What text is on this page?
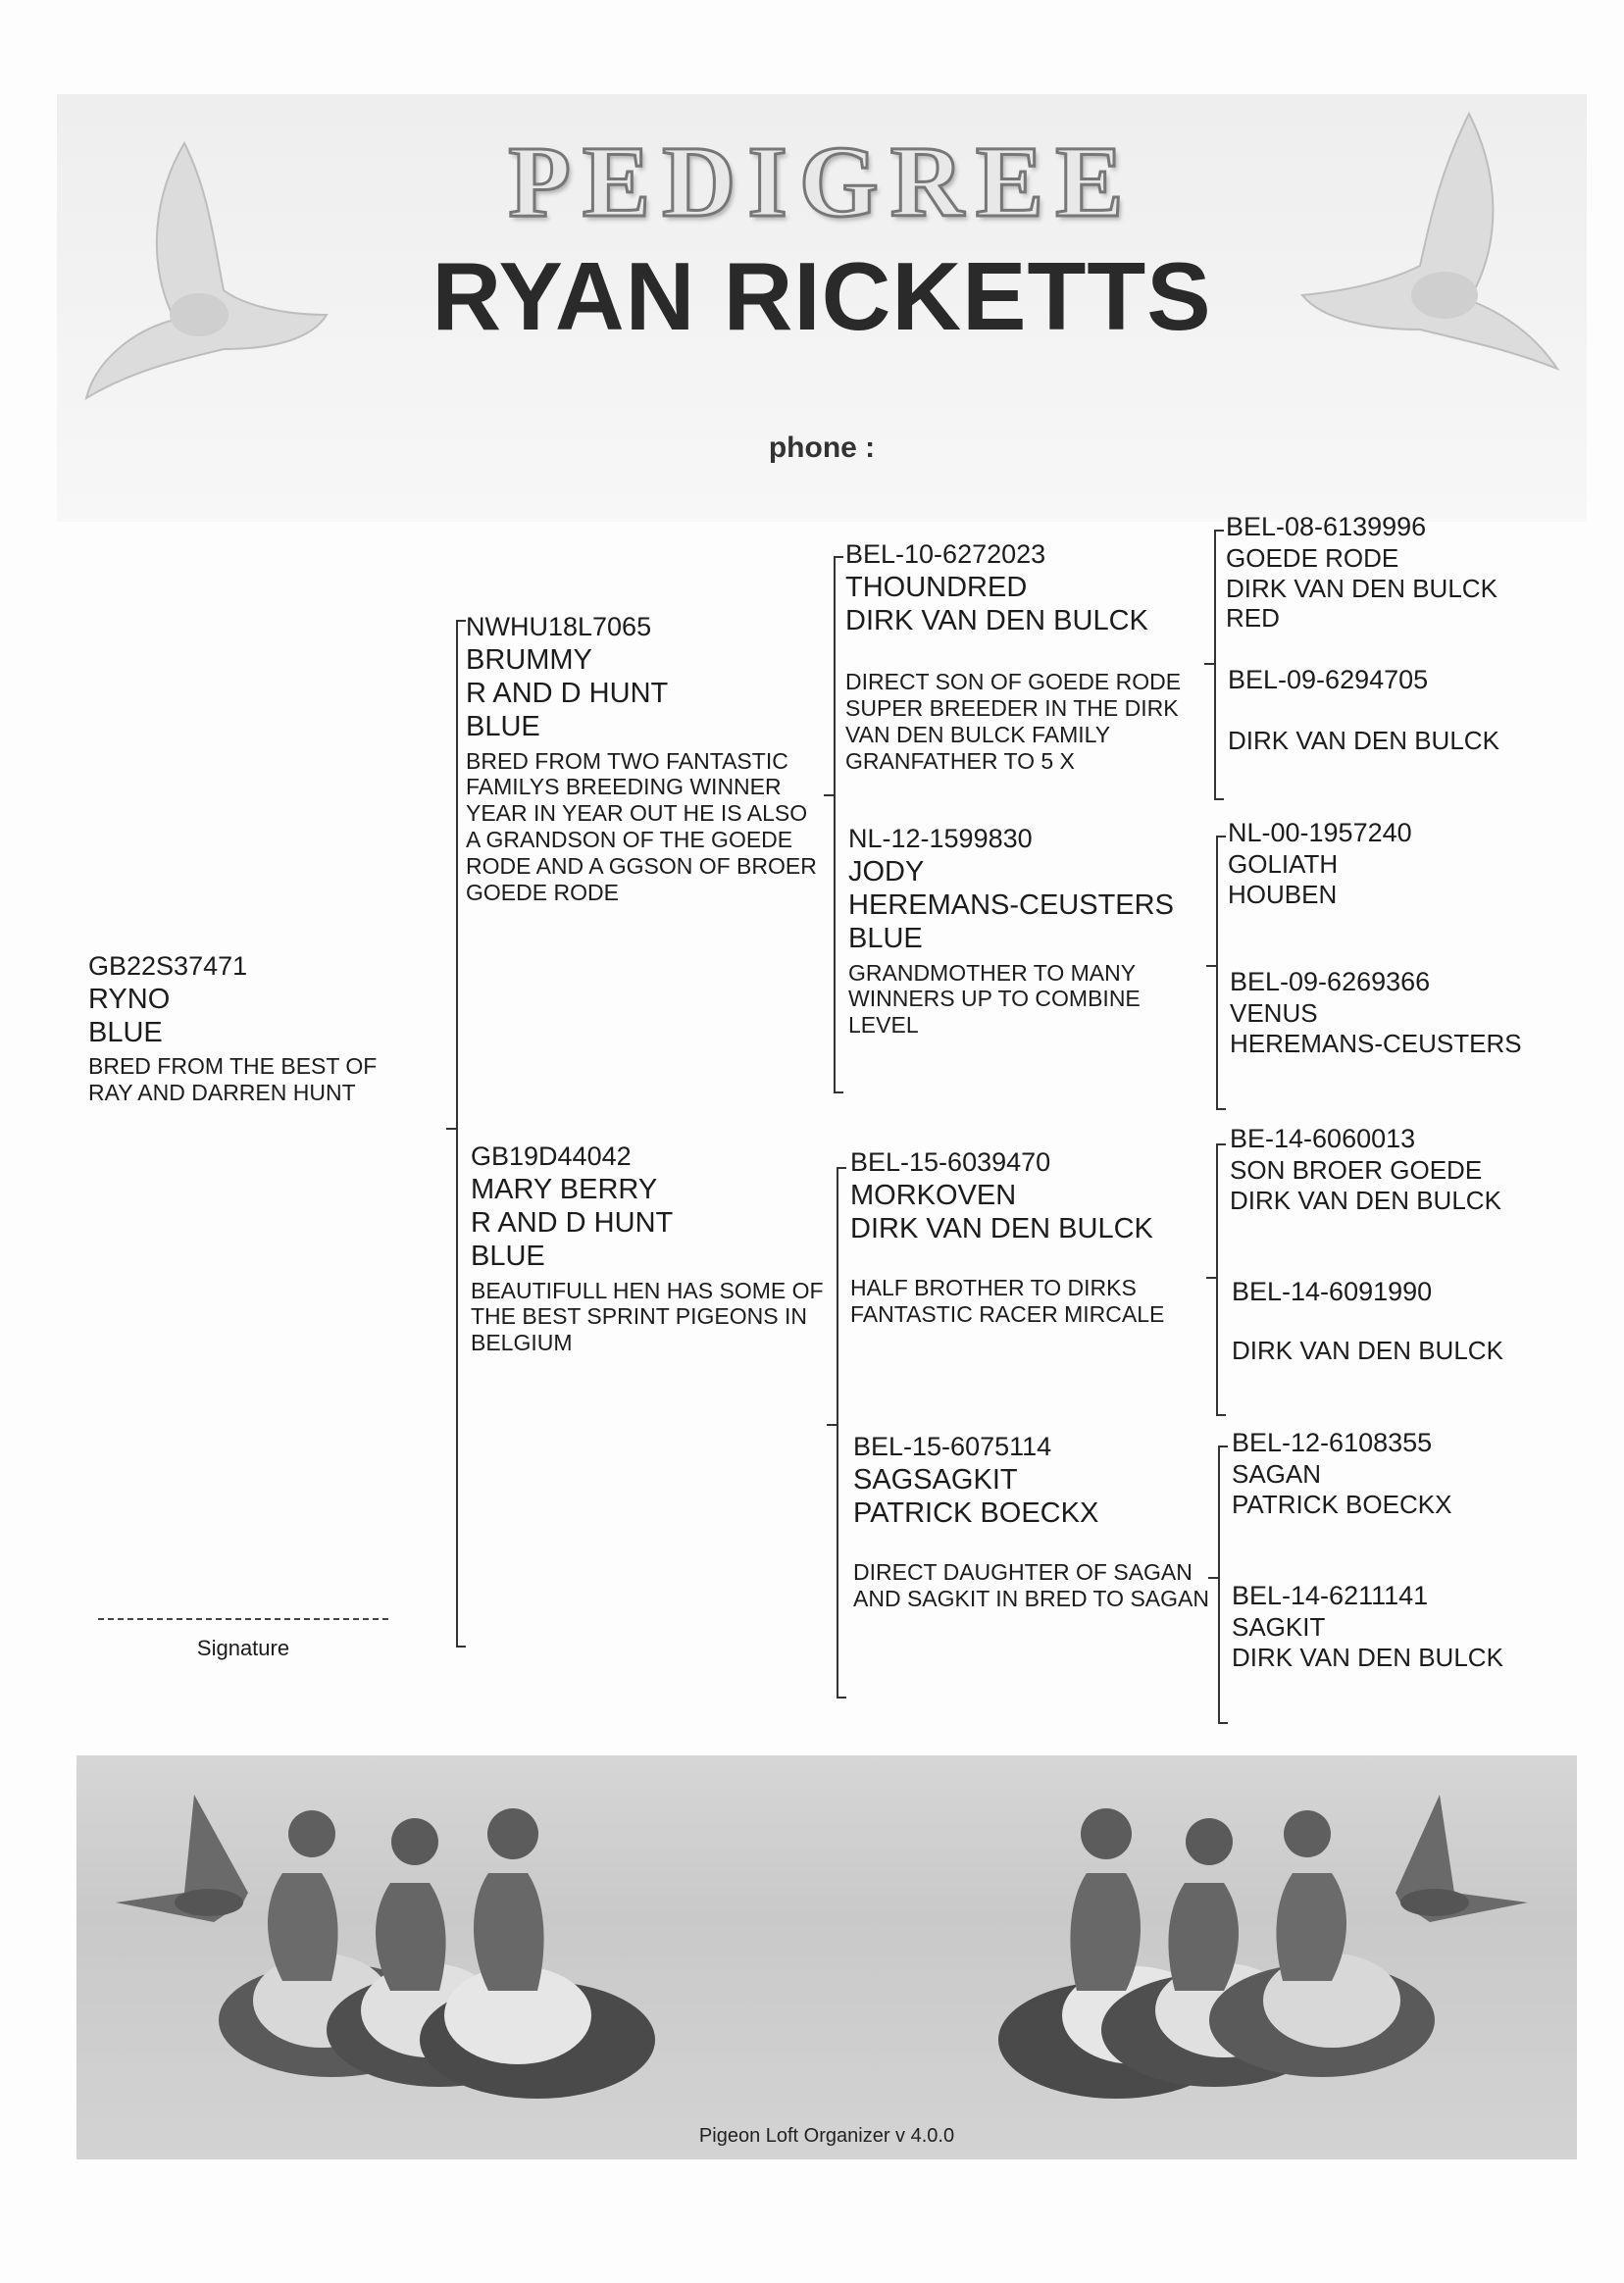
PEDIGREE
RYAN RICKETTS
phone :
GB22S37471
RYNO
BLUE
BRED FROM THE BEST OF RAY AND DARREN HUNT
NWHU18L7065
BRUMMY
R AND D HUNT
BLUE
BRED FROM TWO FANTASTIC FAMILYS BREEDING WINNER YEAR IN YEAR OUT HE IS ALSO A GRANDSON OF THE GOEDE RODE AND A GGSON OF BROER GOEDE RODE
GB19D44042
MARY BERRY
R AND D HUNT
BLUE
BEAUTIFULL HEN HAS SOME OF THE BEST SPRINT PIGEONS IN BELGIUM
BEL-10-6272023
THOUNDRED
DIRK VAN DEN BULCK
DIRECT SON OF GOEDE RODE SUPER BREEDER IN THE DIRK VAN DEN BULCK FAMILY GRANFATHER TO 5 X
NL-12-1599830
JODY
HEREMANS-CEUSTERS
BLUE
GRANDMOTHER TO MANY WINNERS UP TO COMBINE LEVEL
BEL-15-6039470
MORKOVEN
DIRK VAN DEN BULCK
HALF BROTHER TO DIRKS FANTASTIC RACER MIRCALE
BEL-15-6075114
SAGSAGKIT
PATRICK BOECKX
DIRECT DAUGHTER OF SAGAN AND SAGKIT IN BRED TO SAGAN
BEL-08-6139996
GOEDE RODE
DIRK VAN DEN BULCK
RED
BEL-09-6294705
DIRK VAN DEN BULCK
NL-00-1957240
GOLIATH
HOUBEN
BEL-09-6269366
VENUS
HEREMANS-CEUSTERS
BE-14-6060013
SON BROER GOEDE
DIRK VAN DEN BULCK
BEL-14-6091990
DIRK VAN DEN BULCK
BEL-12-6108355
SAGAN
PATRICK BOECKX
BEL-14-6211141
SAGKIT
DIRK VAN DEN BULCK
Signature
Pigeon Loft Organizer v 4.0.0
